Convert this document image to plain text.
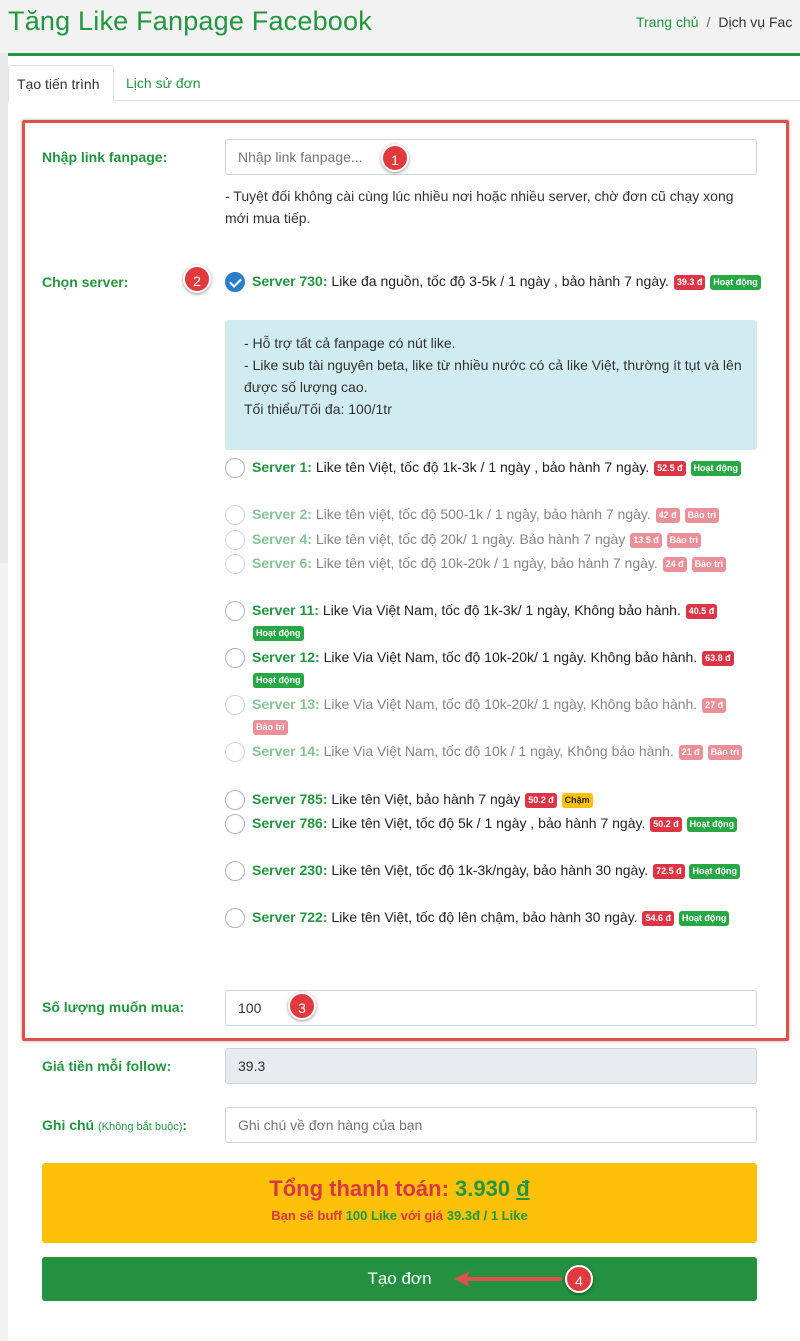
Tăng Like Fanpage Facebook	Trang chủ / Dịch vụ Fac
Tạo tiến trình	Lịch sử đơn
Nhập link fanpage:
Nhập link fanpage...	1
- Tuyệt đối không cài cùng lúc nhiều nơi hoặc nhiều server, chờ đơn cũ chạy xong mới mua tiếp.
Chọn server:	2
- Hỗ trợ tất cả fanpage có nút like.
- Like sub tài nguyên beta, like từ nhiều nước có cả like Việt, thường ít tụt và lên được số lượng cao.
Tối thiểu/Tối đa: 100/1tr
Server 730: Like đa nguồn, tốc độ 3-5k / 1 ngày , bảo hành 7 ngày. 39.3 đ Hoạt động
Server 1: Like tên Việt, tốc độ 1k-3k / 1 ngày , bảo hành 7 ngày. 52.5 đ Hoạt động
Server 2: Like tên việt, tốc độ 500-1k / 1 ngày, bảo hành 7 ngày. 42 đ Bảo trì
Server 4: Like tên việt, tốc độ 20k/ 1 ngày. Bảo hành 7 ngày 13.5 đ Bảo trì
Server 6: Like tên việt, tốc độ 10k-20k / 1 ngày, bảo hành 7 ngày. 24 đ Bảo trì
Server 11: Like Via Việt Nam, tốc độ 1k-3k/ 1 ngày, Không bảo hành. 40.5 đ Hoạt động
Server 12: Like Via Việt Nam, tốc độ 10k-20k/ 1 ngày. Không bảo hành. 63.8 đ Hoạt động
Server 13: Like Via Việt Nam, tốc độ 10k-20k/ 1 ngày, Không bảo hành. 27 đ Bảo trì
Server 14: Like Via Việt Nam, tốc độ 10k / 1 ngày, Không bảo hành. 21 đ Bảo trì
Server 785: Like tên Việt, bảo hành 7 ngày 50.2 đ Chậm
Server 786: Like tên Việt, tốc độ 5k / 1 ngày , bảo hành 7 ngày. 50.2 đ Hoạt động
Server 230: Like tên Việt, tốc độ 1k-3k/ngày, bảo hành 30 ngày. 72.5 đ Hoạt động
Server 722: Like tên Việt, tốc độ lên chậm, bảo hành 30 ngày. 54.6 đ Hoạt động
Số lượng muốn mua:
100	3
Giá tiền mỗi follow:	39.3
Ghi chú (Không bắt buộc):
Ghi chú về đơn hàng của bạn
Tổng thanh toán: 3.930 đ
Bạn sẽ buff 100 Like với giá 39.3đ / 1 Like
Tạo đơn	4
